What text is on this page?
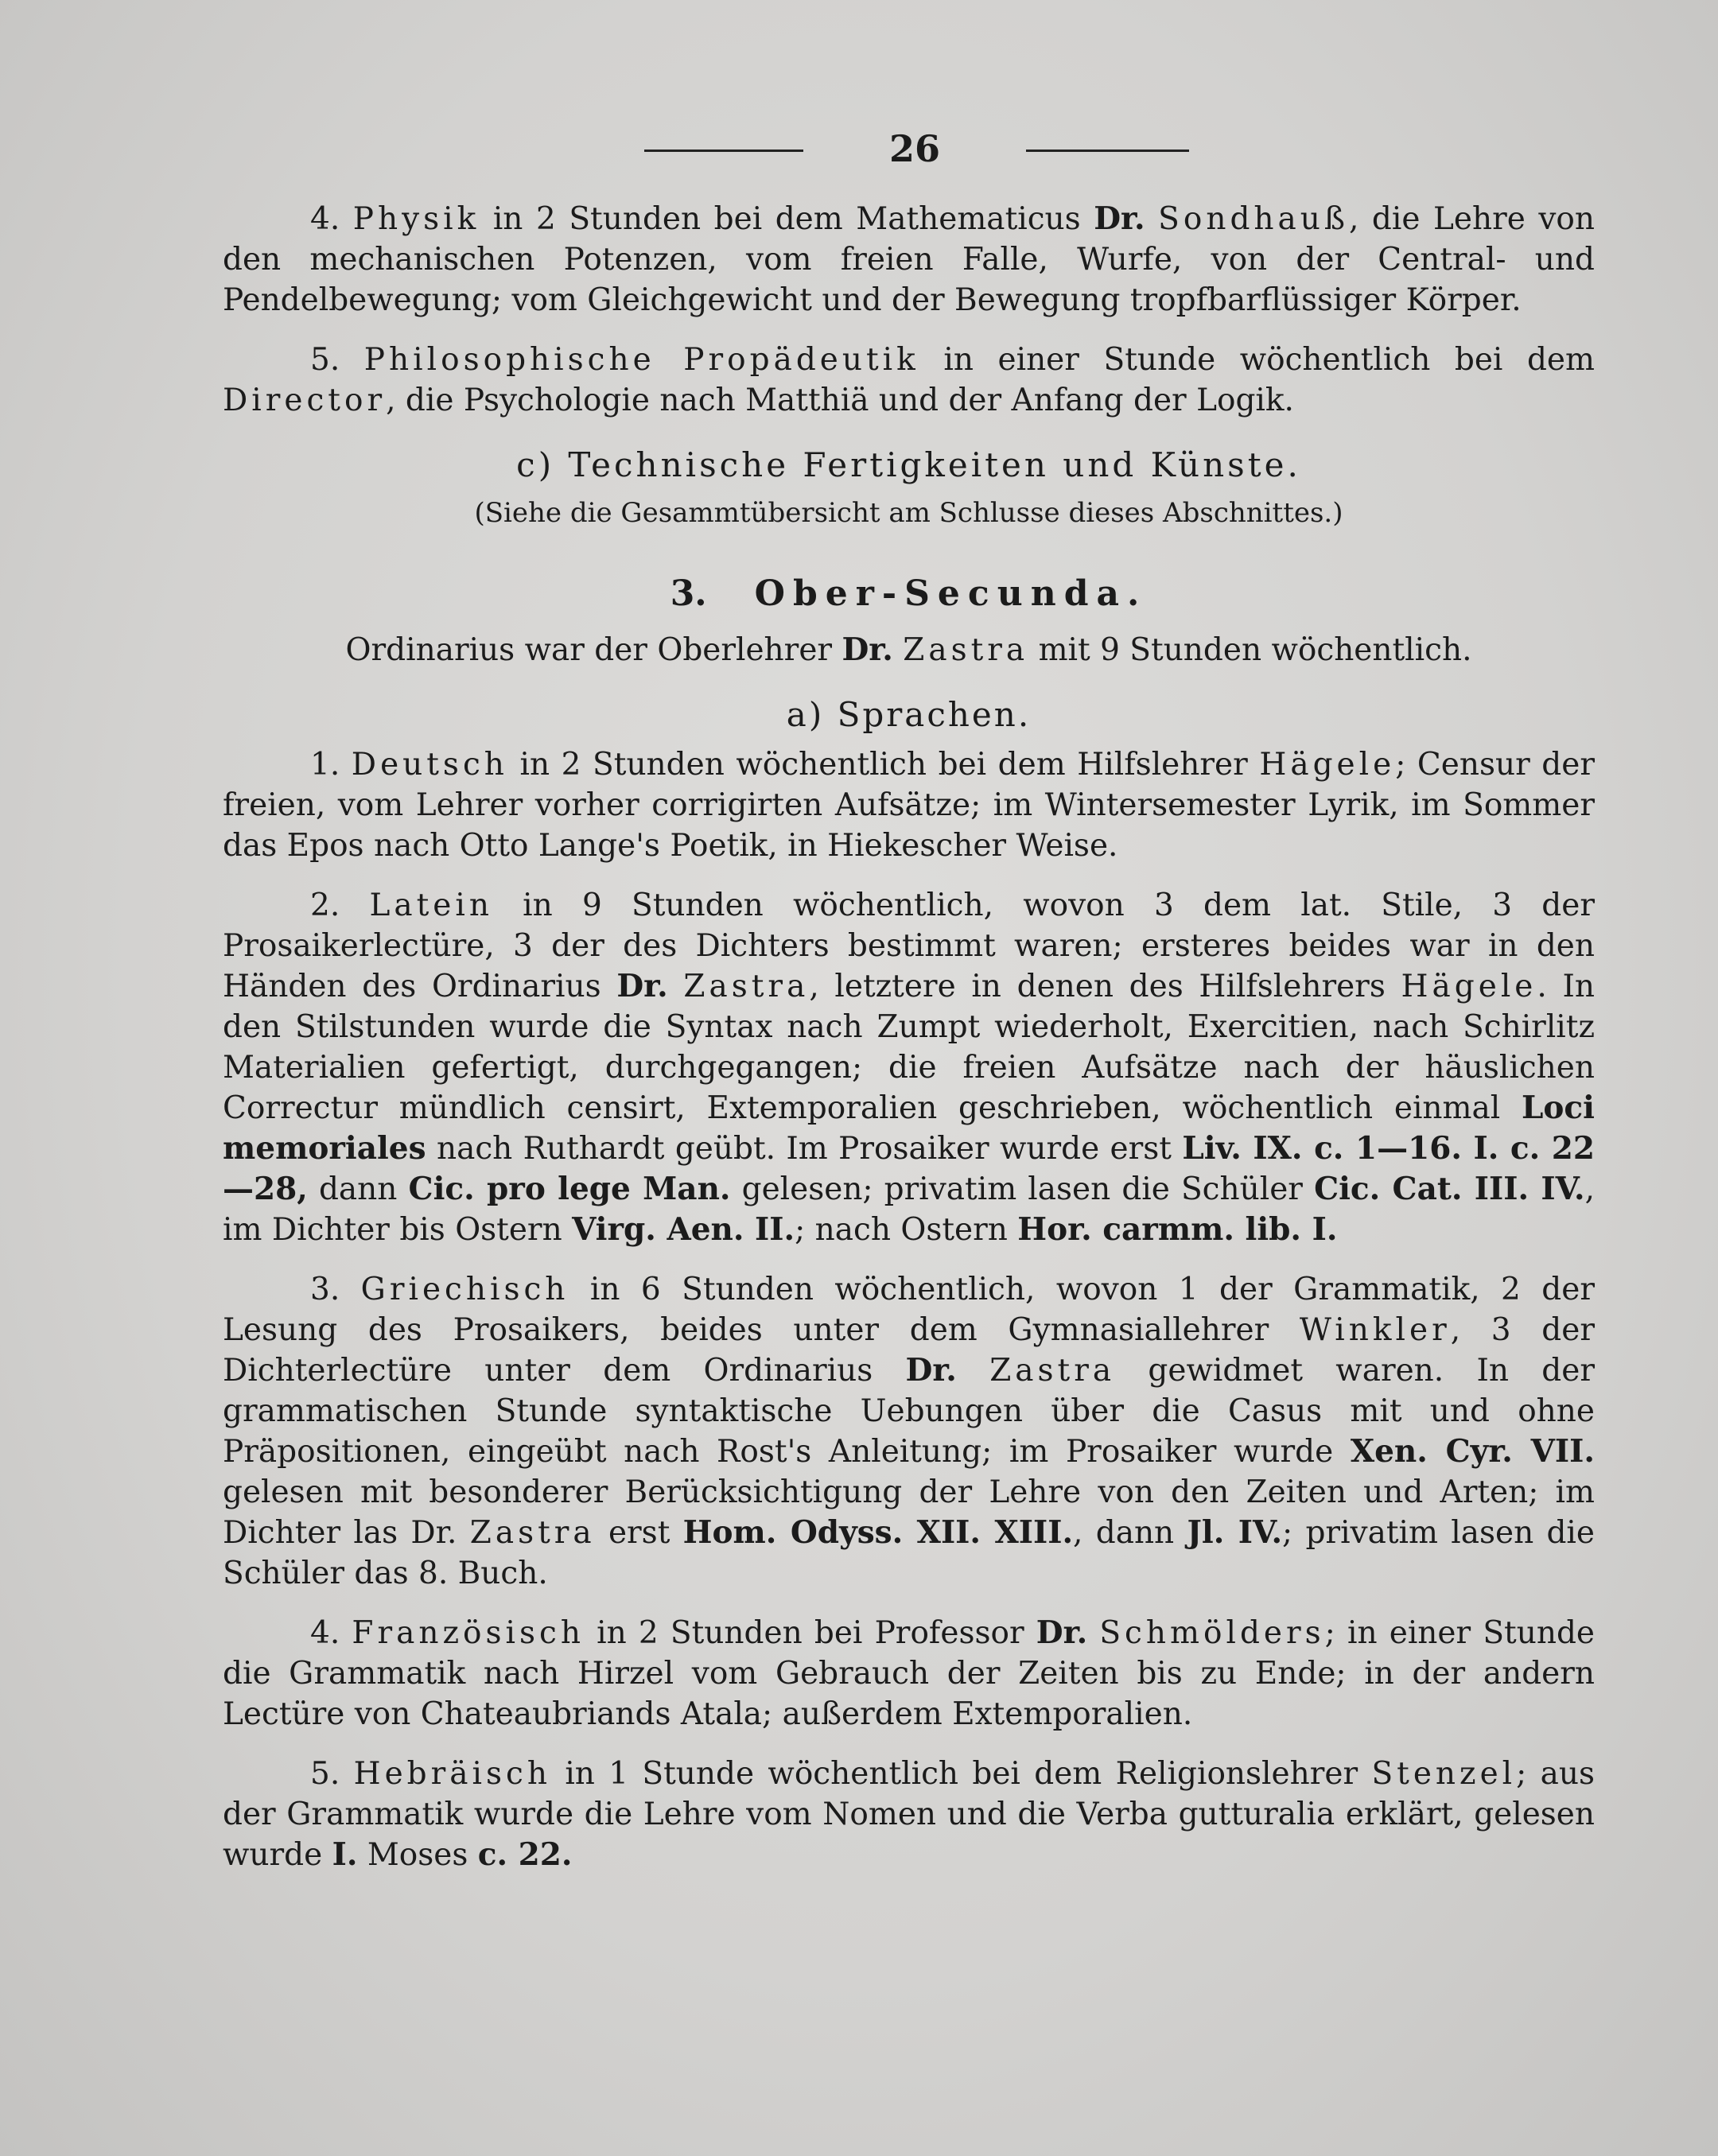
26

4. Physik in 2 Stunden bei dem Mathematicus Dr. Sondhauß, die Lehre von den mechanischen Potenzen, vom freien Falle, Wurfe, von der Central- und Pendelbewegung; vom Gleichgewicht und der Bewegung tropfbarflüssiger Körper.

5. Philosophische Propädeutik in einer Stunde wöchentlich bei dem Director, die Psychologie nach Matthiä und der Anfang der Logik.

c) Technische Fertigkeiten und Künste.
(Siehe die Gesammtübersicht am Schlusse dieses Abschnittes.)
3. Ober-Secunda.
Ordinarius war der Oberlehrer Dr. Zastra mit 9 Stunden wöchentlich.
a) Sprachen.

1. Deutsch in 2 Stunden wöchentlich bei dem Hilfslehrer Hägele; Censur der freien, vom Lehrer vorher corrigirten Aufsätze; im Wintersemester Lyrik, im Sommer das Epos nach Otto Lange's Poetik, in Hiekescher Weise.

2. Latein in 9 Stunden wöchentlich, wovon 3 dem lat. Stile, 3 der Prosaikerlectüre, 3 der des Dichters bestimmt waren; ersteres beides war in den Händen des Ordinarius Dr. Zastra, letztere in denen des Hilfslehrers Hägele. In den Stilstunden wurde die Syntax nach Zumpt wiederholt, Exercitien, nach Schirlitz Materialien gefertigt, durchgegangen; die freien Aufsätze nach der häuslichen Correctur mündlich censirt, Extemporalien geschrieben, wöchentlich einmal Loci memoriales nach Ruthardt geübt. Im Prosaiker wurde erst Liv. IX. c. 1—16. I. c. 22—28, dann Cic. pro lege Man. gelesen; privatim lasen die Schüler Cic. Cat. III. IV., im Dichter bis Ostern Virg. Aen. II.; nach Ostern Hor. carmm. lib. I.

3. Griechisch in 6 Stunden wöchentlich, wovon 1 der Grammatik, 2 der Lesung des Prosaikers, beides unter dem Gymnasiallehrer Winkler, 3 der Dichterlectüre unter dem Ordinarius Dr. Zastra gewidmet waren. In der grammatischen Stunde syntaktische Uebungen über die Casus mit und ohne Präpositionen, eingeübt nach Rost's Anleitung; im Prosaiker wurde Xen. Cyr. VII. gelesen mit besonderer Berücksichtigung der Lehre von den Zeiten und Arten; im Dichter las Dr. Zastra erst Hom. Odyss. XII. XIII., dann Jl. IV.; privatim lasen die Schüler das 8. Buch.

4. Französisch in 2 Stunden bei Professor Dr. Schmölders; in einer Stunde die Grammatik nach Hirzel vom Gebrauch der Zeiten bis zu Ende; in der andern Lectüre von Chateaubriands Atala; außerdem Extemporalien.

5. Hebräisch in 1 Stunde wöchentlich bei dem Religionslehrer Stenzel; aus der Grammatik wurde die Lehre vom Nomen und die Verba gutturalia erklärt, gelesen wurde I. Moses c. 22.
